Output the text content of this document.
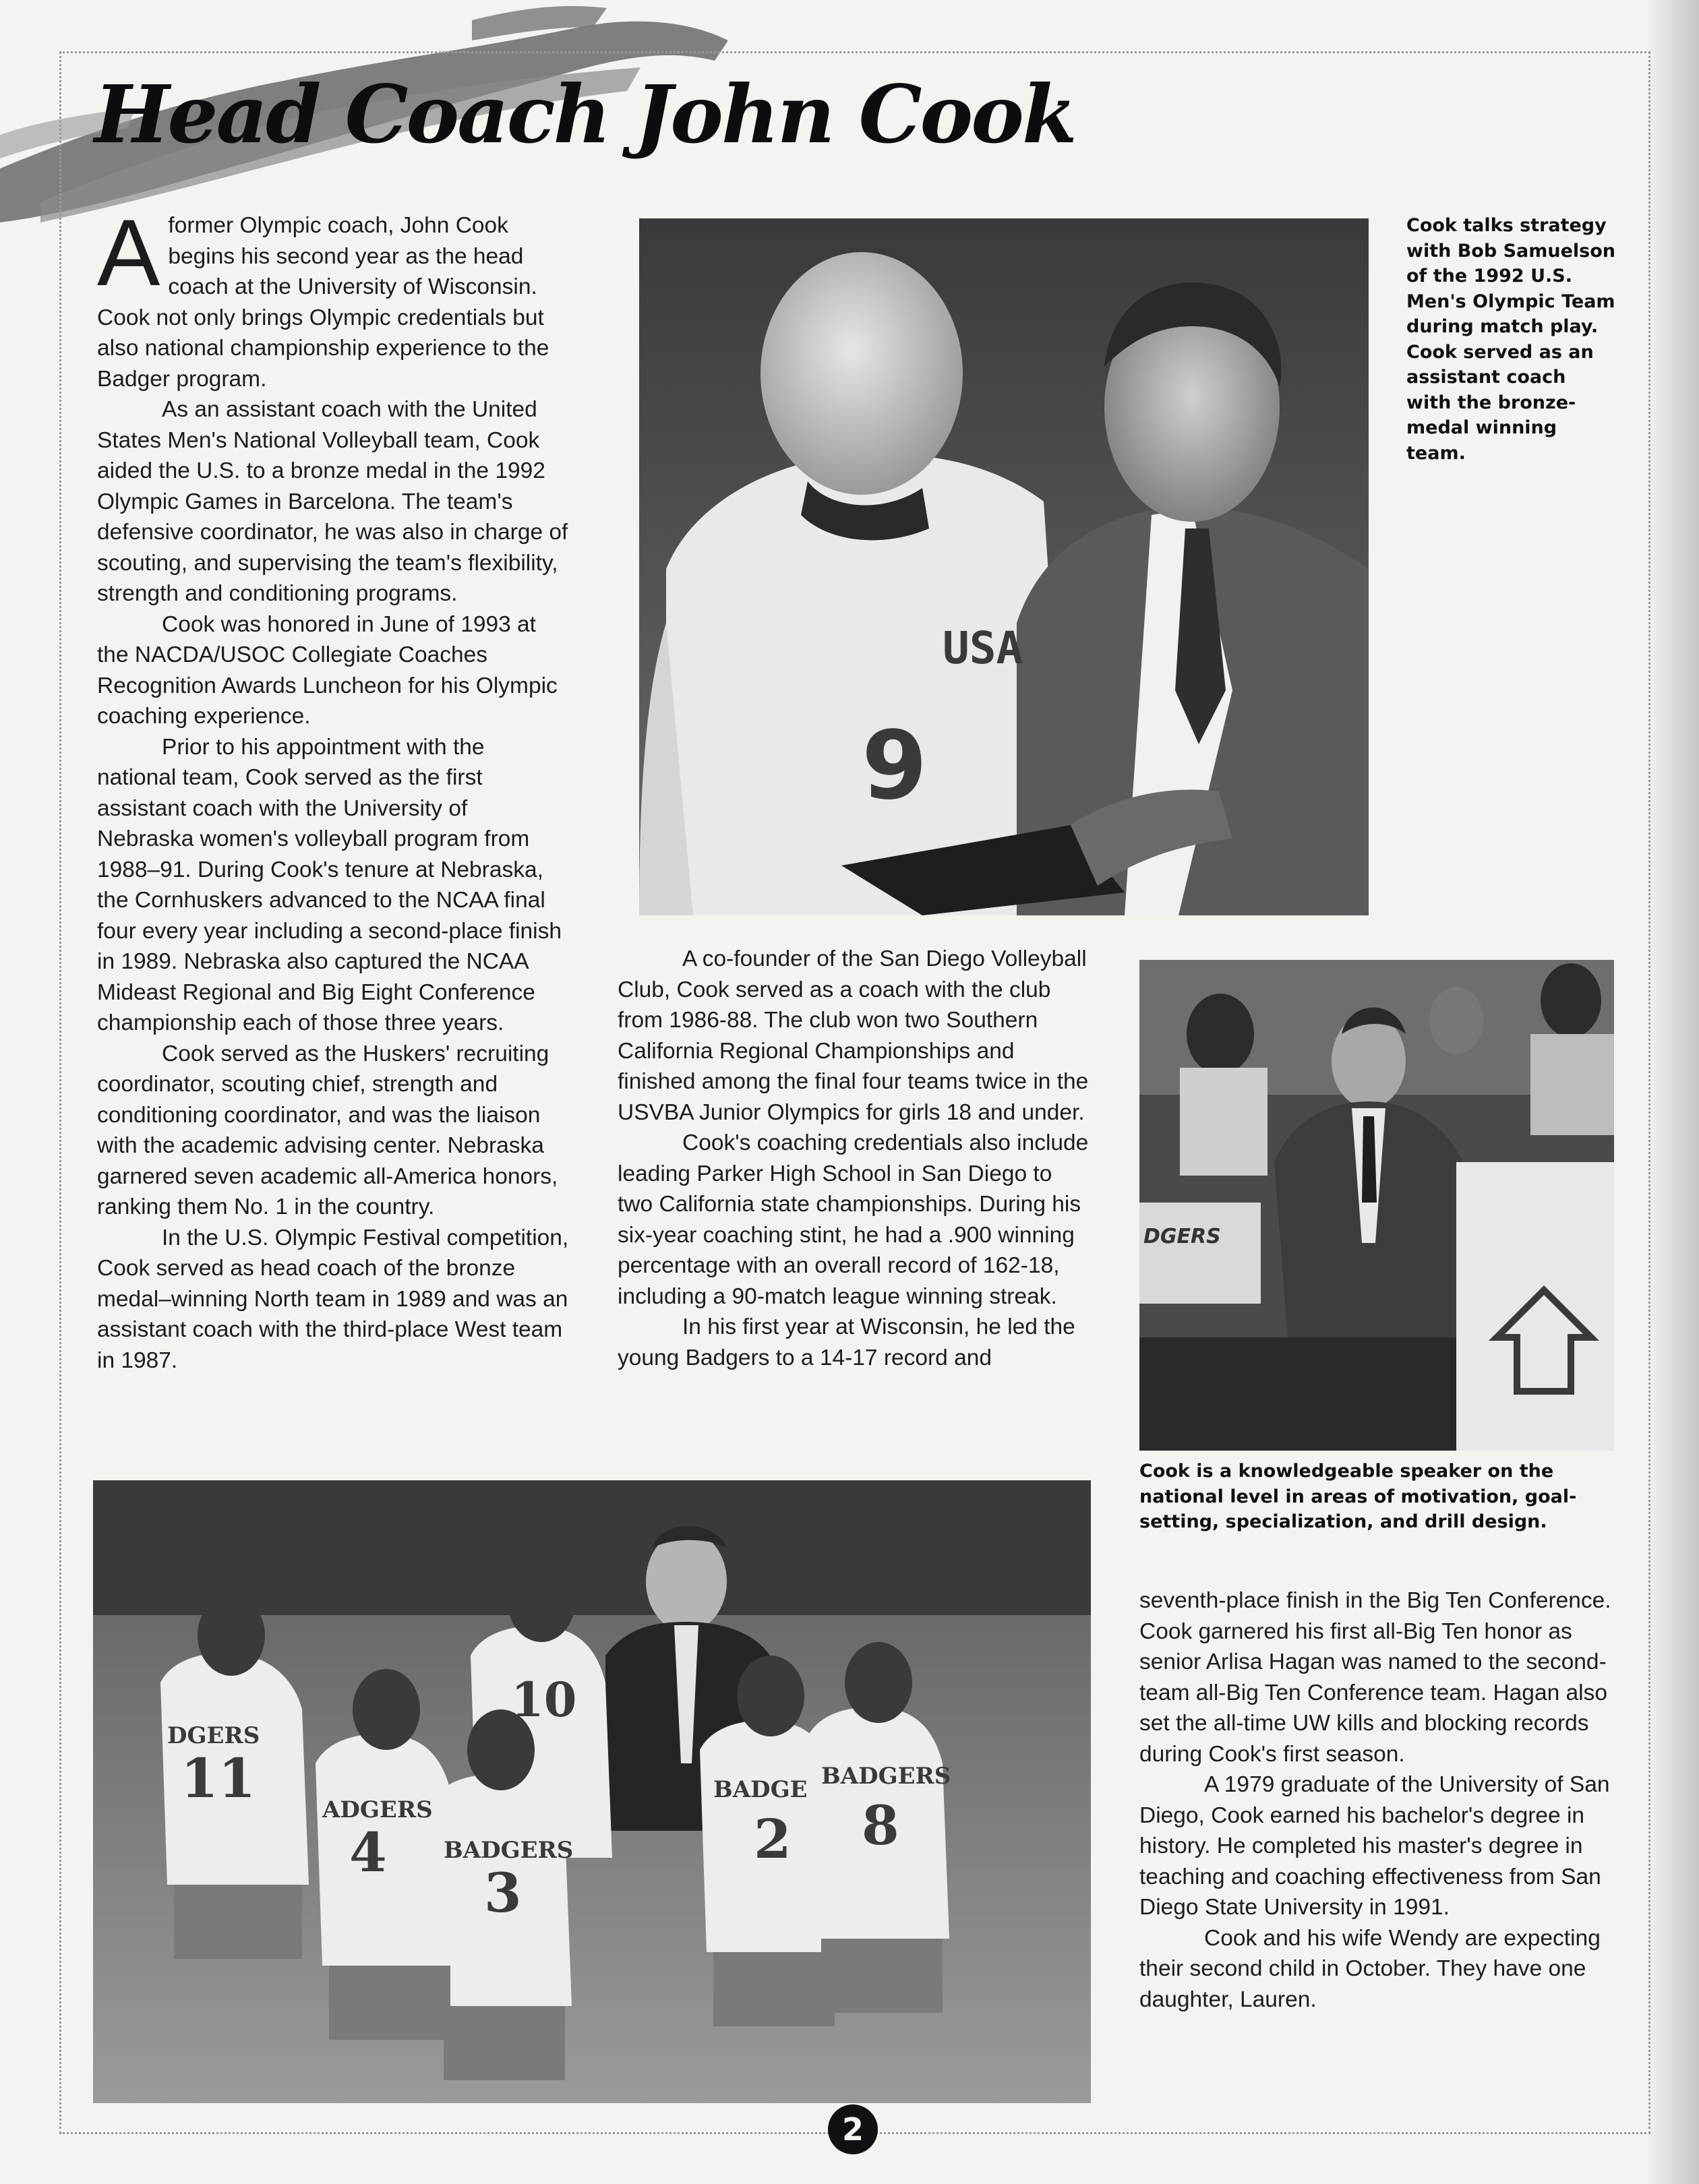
Head Coach John Cook

Aformer Olympic coach, John Cook begins his second year as the head coach at the University of Wisconsin. Cook not only brings Olympic credentials but also national championship experience to the Badger program.

As an assistant coach with the United States Men's National Volleyball team, Cook aided the U.S. to a bronze medal in the 1992 Olympic Games in Barcelona. The team's defensive coordinator, he was also in charge of scouting, and supervising the team's flexibility, strength and conditioning programs.

Cook was honored in June of 1993 at the NACDA/USOC Collegiate Coaches Recognition Awards Luncheon for his Olympic coaching experience.

Prior to his appointment with the national team, Cook served as the first assistant coach with the University of Nebraska women's volleyball program from 1988–91. During Cook's tenure at Nebraska, the Cornhuskers advanced to the NCAA final four every year including a second-place finish in 1989. Nebraska also captured the NCAA Mideast Regional and Big Eight Conference championship each of those three years.

Cook served as the Huskers' recruiting coordinator, scouting chief, strength and conditioning coordinator, and was the liaison with the academic advising center. Nebraska garnered seven academic all-America honors, ranking them No. 1 in the country.

In the U.S. Olympic Festival competition, Cook served as head coach of the bronze medal–winning North team in 1989 and was an assistant coach with the third-place West team in 1987.

USA
9
Cook talks strategy with Bob Samuelson of the 1992 U.S. Men's Olympic Team during match play. Cook served as an assistant coach with the bronze-medal winning team.

A co-founder of the San Diego Volleyball Club, Cook served as a coach with the club from 1986-88. The club won two Southern California Regional Championships and finished among the final four teams twice in the USVBA Junior Olympics for girls 18 and under.

Cook's coaching credentials also include leading Parker High School in San Diego to two California state championships. During his six-year coaching stint, he had a .900 winning percentage with an overall record of 162-18, including a 90-match league winning streak.

In his first year at Wisconsin, he led the young Badgers to a 14-17 record and

DGERS
Cook is a knowledgeable speaker on the national level in areas of motivation, goal-setting, specialization, and drill design.
BADGERS
3
BADGE
2
BADGERS
8
ADGERS
4
DGERS
11
10

seventh-place finish in the Big Ten Conference. Cook garnered his first all-Big Ten honor as senior Arlisa Hagan was named to the second-team all-Big Ten Conference team. Hagan also set the all-time UW kills and blocking records during Cook's first season.

A 1979 graduate of the University of San Diego, Cook earned his bachelor's degree in history. He completed his master's degree in teaching and coaching effectiveness from San Diego State University in 1991.

Cook and his wife Wendy are expecting their second child in October. They have one daughter, Lauren.

2
